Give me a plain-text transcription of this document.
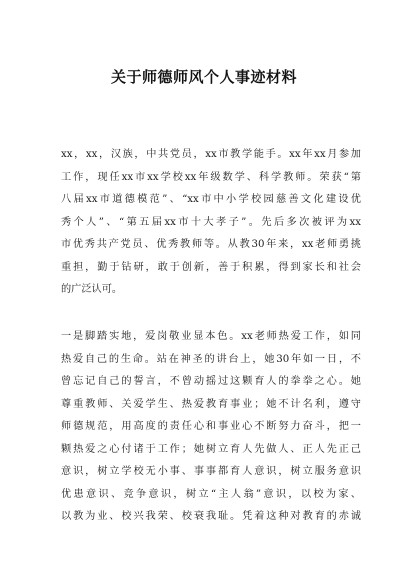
关于师德师风个人事迹材料
xx，xx，汉族，中共党员，xx市教学能手。xx年xx月参加
工作，现任xx市xx学校xx年级数学、科学教师。荣获“第
八届xx市道德模范”、“xx市中小学校园慈善文化建设优
秀个人”、“第五届xx市十大孝子”。先后多次被评为xx
市优秀共产党员、优秀教师等。从教30年来，xx老师勇挑
重担，勤于钻研，敢于创新，善于积累，得到家长和社会
的广泛认可。
一是脚踏实地，爱岗敬业显本色。xx老师热爱工作，如同
热爱自己的生命。站在神圣的讲台上，她30年如一日，不
曾忘记自己的誓言，不曾动摇过这颗育人的拳拳之心。她
尊重教师、关爱学生、热爱教育事业；她不计名利，遵守
师德规范，用高度的责任心和事业心不断努力奋斗，把一
颗热爱之心付诸于工作；她树立育人先做人、正人先正己
意识，树立学校无小事、事事都育人意识，树立服务意识
优患意识、竞争意识，树立“主人翁”意识，以校为家、
以教为业、校兴我荣、校衰我耻。凭着这种对教育的赤诚
